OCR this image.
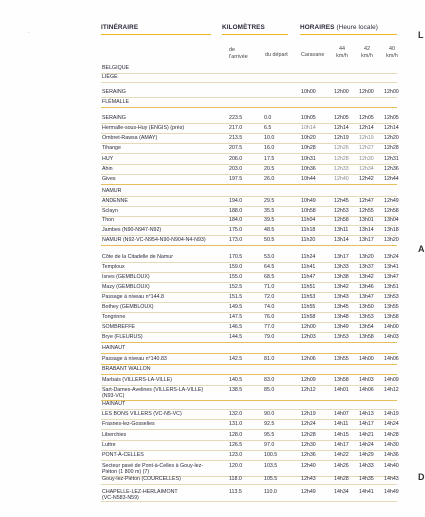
ITINÉRAIRE	KILOMÈTRES	HORAIRES (Heure locale)
de
l'arrivée	du départ Caravane
44
km/h
42
km/h
40
km/h
BELGIQUE
LIÈGE
SERAING	10h00	12h00 12h00 12h00
FLÉMALLE
SERAING	223.5	0.0	10h05	12h05 12h05 12h05
Hermalle-sous-Huy (ENGIS) (près)	217.0	6.5	10h14	12h14 12h14 12h14
Ombret-Rawsa (AMAY)	213.5	10.0	10h20	12h19 12h19 12h20
Tihange	207.5	16.0	10h28	12h26 12h27 12h28
HUY	206.0	17.5	10h31	12h28 12h30 12h31
Ahin	203.0	20.5	10h36	12h33 12h34 12h36
Gives	197.5	26.0	10h44	12h40 12h42 12h44
NAMUR
ANDENNE	194.0	29.5	10h49	12h45 12h47 12h49
Sclayn	188.0	35.5	10h58	12h53 12h55 12h58
Thon	184.0	39.5	11h04	12h58 13h01 13h04
Jambes (N90-N947-N92)	175.0	48.5	11h18	13h11 13h14 13h18
NAMUR (N92-VC-N954-N90-N904-N4-N93)	173.0	50.5	11h20	13h14 13h17 13h20
Côte de la Citadelle de Namur	170.5	53.0	11h24	13h17 13h20 13h24
Temploux	159.0	64.5	11h41	13h33 13h37 13h41
Isnes (GEMBLOUX)	155.0	68.5	11h47	13h38 13h42 13h47
Mazy (GEMBLOUX)	152.5	71.0	11h51	13h42 13h46 13h51
Passage à niveau n°144.8	151.5	72.0	11h53	13h43 13h47 13h53
Bothey (GEMBLOUX)	149.5	74.0	11h55	13h45 13h50 13h55
Tongrinne	147.5	76.0	11h58	13h48 13h53 13h58
SOMBREFFE	146.5	77.0	12h00	13h49 13h54 14h00
Brye (FLEURUS)	144.5	79.0	12h03	13h53 13h58 14h03
HAINAUT
Passage à niveau n°140.83	142.5	81.0	12h06	13h55 14h00 14h06
BRABANT WALLON
Marbais (VILLERS-LA-VILLE)	140.5	83.0	12h09	13h58 14h03 14h09
Sart-Dames-Avelines (VILLERS-LA-VILLE)	138.5	85.0	12h12	14h01 14h06 14h12
(N93-VC)
HAINAUT
LES BONS VILLERS (VC-N5-VC)	132.0	90.0	12h19	14h07 14h13 14h19
Frasnes-lez-Gosselies	131.0	92.5	12h24	14h11 14h17 14h24
Liberchies	128.0	95.5	12h28	14h15 14h21 14h28
Luttre	126.5	97.0	12h30	14h17 14h24 14h30
PONT-À-CELLES	123.0	100.5	12h36	14h22 14h29 14h36
Secteur pavé de Pont-à-Celles à Gouy-lez-	120.0	103.5	12h40	14h26 14h33 14h40
Piéton (1 800 m) (7)
Gouy-lez-Piéton (COURCELLES)	118.0	105.5	12h43	14h28 14h35 14h43
CHAPELLE-LEZ-HERLAIMONT	113.5	110.0	12h49	14h34 14h41 14h49
(VC-N583-N59)
L
A
D
·
